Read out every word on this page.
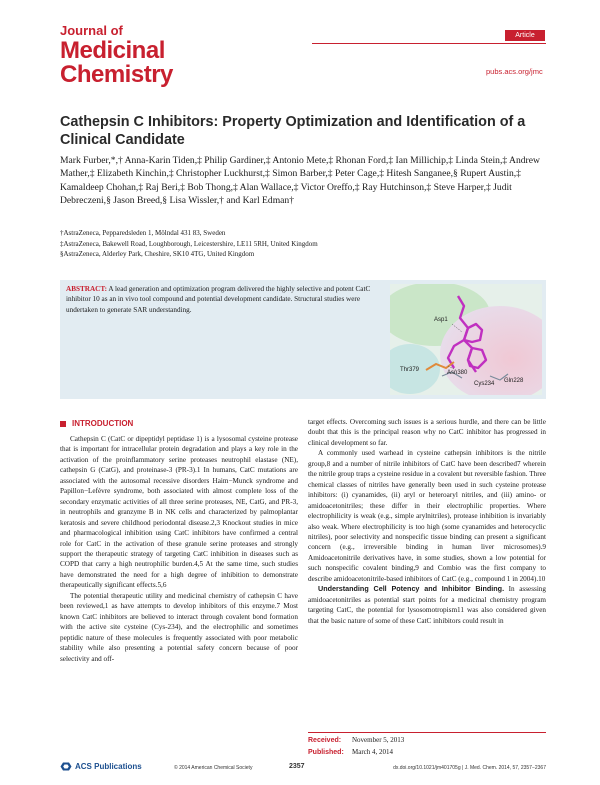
Journal of
Medicinal
Chemistry
Article
pubs.acs.org/jmc
Cathepsin C Inhibitors: Property Optimization and Identification of a Clinical Candidate
Mark Furber,*,† Anna-Karin Tiden,‡ Philip Gardiner,‡ Antonio Mete,‡ Rhonan Ford,‡ Ian Millichip,‡ Linda Stein,‡ Andrew Mather,‡ Elizabeth Kinchin,‡ Christopher Luckhurst,‡ Simon Barber,‡ Peter Cage,‡ Hitesh Sanganee,§ Rupert Austin,‡ Kamaldeep Chohan,‡ Raj Beri,‡ Bob Thong,‡ Alan Wallace,‡ Victor Oreffo,‡ Ray Hutchinson,‡ Steve Harper,‡ Judit Debreczeni,§ Jason Breed,§ Lisa Wissler,† and Karl Edman†
†AstraZeneca, Pepparedsleden 1, Mölndal 431 83, Sweden
‡AstraZeneca, Bakewell Road, Loughborough, Leicestershire, LE11 5RH, United Kingdom
§AstraZeneca, Alderley Park, Cheshire, SK10 4TG, United Kingdom
ABSTRACT: A lead generation and optimization program delivered the highly selective and potent CatC inhibitor 10 as an in vivo tool compound and potential development candidate. Structural studies were undertaken to generate SAR understanding.
Asp1
Thr379	Asn380
Cys234 Gln228
INTRODUCTION

Cathepsin C (CatC or dipeptidyl peptidase 1) is a lysosomal cysteine protease that is important for intracellular protein degradation and plays a key role in the activation of the proinflammatory serine proteases neutrophil elastase (NE), cathepsin G (CatG), and proteinase-3 (PR-3).1 In humans, CatC mutations are associated with the autosomal recessive disorders Haim−Munck syndrome and Papillon−Lefèvre syndrome, both associated with almost complete loss of the secondary enzymatic activities of all three serine proteases, NE, CatG, and PR-3, in neutrophils and granzyme B in NK cells and characterized by palmoplantar keratosis and severe childhood periodontal disease.2,3 Knockout studies in mice and pharmacological inhibition using CatC inhibitors have confirmed a central role for CatC in the activation of these granule serine proteases and strongly support the therapeutic strategy of targeting CatC inhibition in diseases such as COPD that carry a high neutrophilic burden.4,5 At the same time, such studies have demonstrated the need for a high degree of inhibition to demonstrate therapeutically significant effects.5,6

The potential therapeutic utility and medicinal chemistry of cathepsin C have been reviewed,1 as have attempts to develop inhibitors of this enzyme.7 Most known CatC inhibitors are believed to interact through covalent bond formation with the active site cysteine (Cys-234), and the electrophilic and sometimes peptidic nature of these molecules is frequently associated with poor metabolic stability while also presenting a potential safety concern because of poor selectivity and off-

target effects. Overcoming such issues is a serious hurdle, and there can be little doubt that this is the principal reason why no CatC inhibitor has progressed in clinical development so far.

A commonly used warhead in cysteine cathepsin inhibitors is the nitrile group,8 and a number of nitrile inhibitors of CatC have been described7 wherein the nitrile group traps a cysteine residue in a covalent but reversible fashion. Three chemical classes of nitriles have generally been used in such cysteine protease inhibitors: (i) cyanamides, (ii) aryl or heteroaryl nitriles, and (iii) amino- or amidoacetonitriles; these differ in their electrophilic properties. Where electrophilicity is weak (e.g., simple arylnitriles), protease inhibition is invariably also weak. Where electrophilicity is too high (some cyanamides and heterocyclic nitriles), poor selectivity and nonspecific tissue binding can present a significant concern (e.g., irreversible binding in human liver microsomes).9 Amidoacetonitrile derivatives have, in some studies, shown a low potential for such nonspecific covalent binding,9 and Combio was the first company to describe amidoacetonitrile-based inhibitors of CatC (e.g., compound 1 in 2004).10

Understanding Cell Potency and Inhibitor Binding. In assessing amidoacetonitriles as potential start points for a medicinal chemistry program targeting CatC, the potential for lysosomotropism11 was also considered given that the basic nature of some of these CatC inhibitors could result in

Received: November 5, 2013
Published: March 4, 2014
ACS Publications	© 2014 American Chemical Society	2357	dx.doi.org/10.1021/jm401705g | J. Med. Chem. 2014, 57, 2357−2367
